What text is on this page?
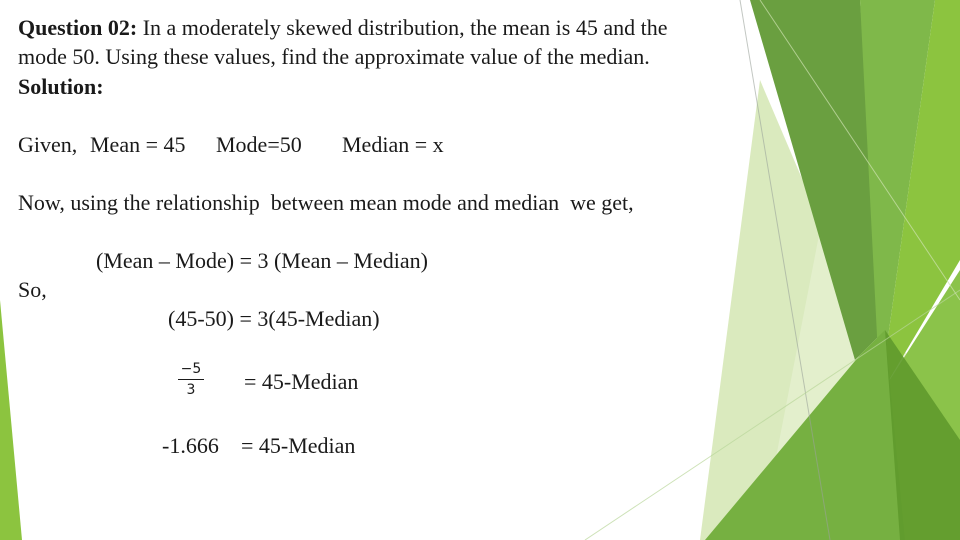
Question 02: In a moderately skewed distribution, the mean is 45 and the
mode 50. Using these values, find the approximate value of the median.
Solution:
Given, Mean = 45 Mode=50 Median = x
Now, using the relationship  between mean mode and median  we get,
(Mean – Mode) = 3 (Mean – Median)
So,
(45-50) = 3(45-Median)
$\frac{-5}{3}$ = 45-Median
-1.666 = 45-Median
